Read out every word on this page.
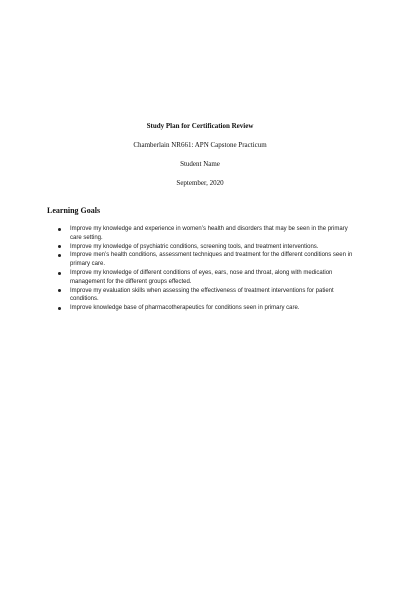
Study Plan for Certification Review
Chamberlain NR661: APN Capstone Practicum
Student Name
September, 2020
Learning Goals
Improve my knowledge and experience in women’s health and disorders that may be seen in the primary care setting.
Improve my knowledge of psychiatric conditions, screening tools, and treatment interventions.
Improve men’s health conditions, assessment techniques and treatment for the different conditions seen in primary care.
Improve my knowledge of different conditions of eyes, ears, nose and throat, along with medication management for the different groups effected.
Improve my evaluation skills when assessing the effectiveness of treatment interventions for patient conditions.
Improve knowledge base of pharmacotherapeutics for conditions seen in primary care.
